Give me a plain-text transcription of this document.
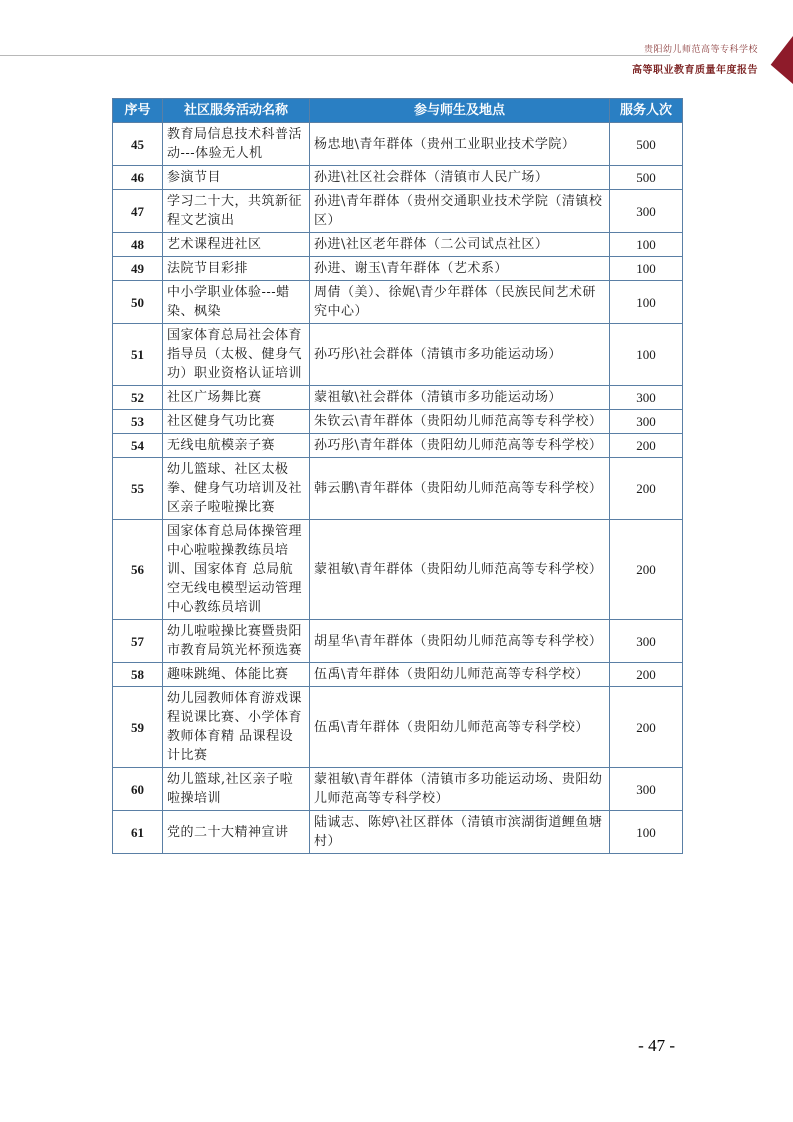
贵阳幼儿师范高等专科学校
高等职业教育质量年度报告
序号	社区服务活动名称	参与师生及地点	服务人次
45	教育局信息技术科普活动---体验无人机	杨忠地\青年群体（贵州工业职业技术学院）	500
46	参演节目	孙进\社区社会群体（清镇市人民广场）	500
47	学习二十大，共筑新征程文艺演出	孙进\青年群体（贵州交通职业技术学院（清镇校区）	300
48	艺术课程进社区	孙进\社区老年群体（二公司试点社区）	100
49	法院节目彩排	孙进、谢玉\青年群体（艺术系）	100
50	中小学职业体验---蜡染、枫染	周倩（美）、徐娓\青少年群体（民族民间艺术研究中心）	100
51	国家体育总局社会体育指导员（太极、健身气功）职业资格认证培训	孙巧彤\社会群体（清镇市多功能运动场）	100
52	社区广场舞比赛	蒙祖敏\社会群体（清镇市多功能运动场）	300
53	社区健身气功比赛	朱钦云\青年群体（贵阳幼儿师范高等专科学校）	300
54	无线电航模亲子赛	孙巧彤\青年群体（贵阳幼儿师范高等专科学校）	200
55	幼儿篮球、社区太极拳、健身气功培训及社区亲子啦啦操比赛	韩云鹏\青年群体（贵阳幼儿师范高等专科学校）	200
56	国家体育总局体操管理中心啦啦操教练员培训、国家体育 总局航空无线电模型运动管理中心教练员培训	蒙祖敏\青年群体（贵阳幼儿师范高等专科学校）	200
57	幼儿啦啦操比赛暨贵阳市教育局筑光杯预选赛	胡星华\青年群体（贵阳幼儿师范高等专科学校）	300
58	趣味跳绳、体能比赛	伍禹\青年群体（贵阳幼儿师范高等专科学校）	200
59	幼儿园教师体育游戏课程说课比赛、小学体育教师体育精 品课程设计比赛	伍禹\青年群体（贵阳幼儿师范高等专科学校）	200
60	幼儿篮球,社区亲子啦啦操培训	蒙祖敏\青年群体（清镇市多功能运动场、贵阳幼儿师范高等专科学校）	300
61	党的二十大精神宣讲	陆诚志、陈婷\社区群体（清镇市滨湖街道鲤鱼塘村）	100
- 47 -
